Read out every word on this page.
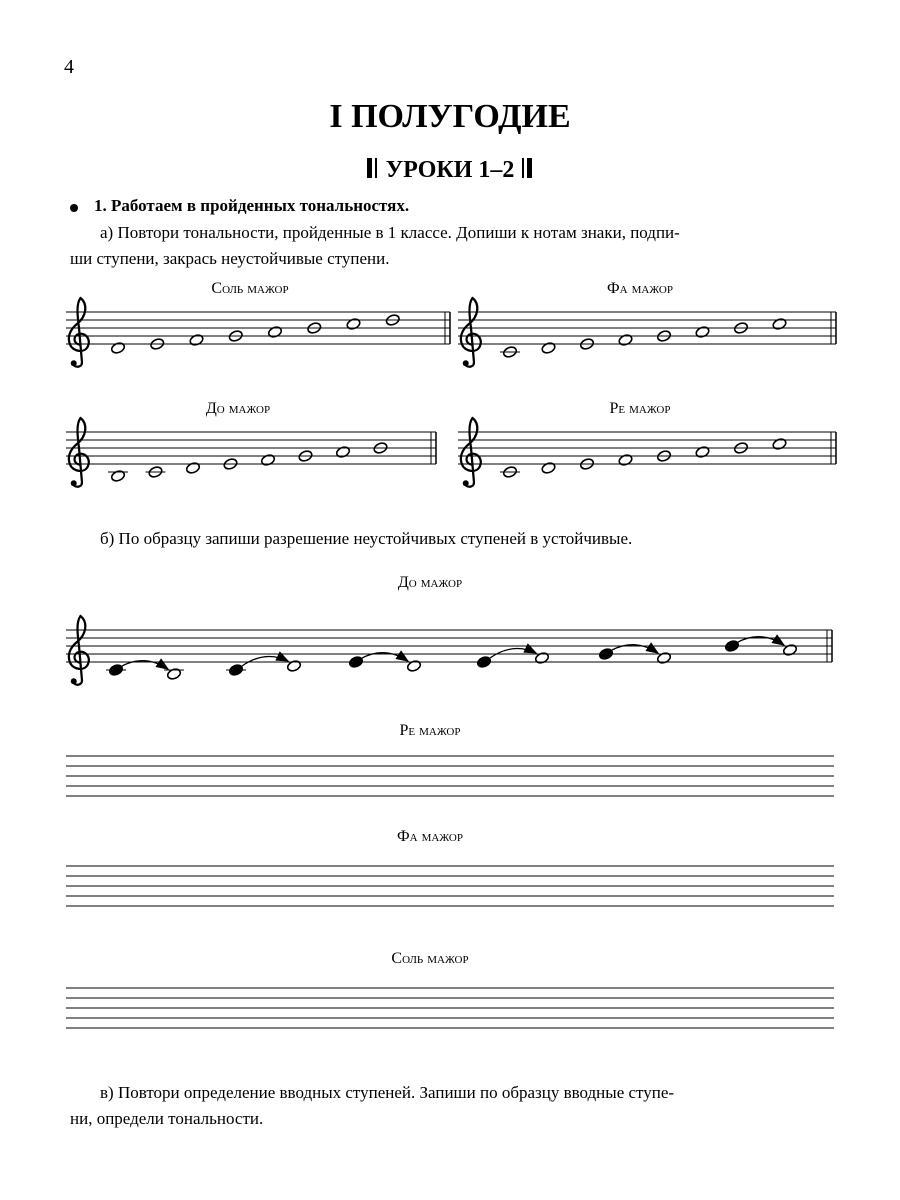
4
I ПОЛУГОДИЕ
УРОКИ 1–2
1. Работаем в пройденных тональностях.
а) Повтори тональности, пройденные в 1 классе. Допиши к нотам знаки, подпи-
ши ступени, закрась неустойчивые ступени.
Соль мажор	Фа мажор
До мажор	Ре мажор
б) По образцу запиши разрешение неустойчивых ступеней в устойчивые.
До мажор
Ре мажор
Фа мажор
Соль мажор
в) Повтори определение вводных ступеней. Запиши по образцу вводные ступе-
ни, определи тональности.
